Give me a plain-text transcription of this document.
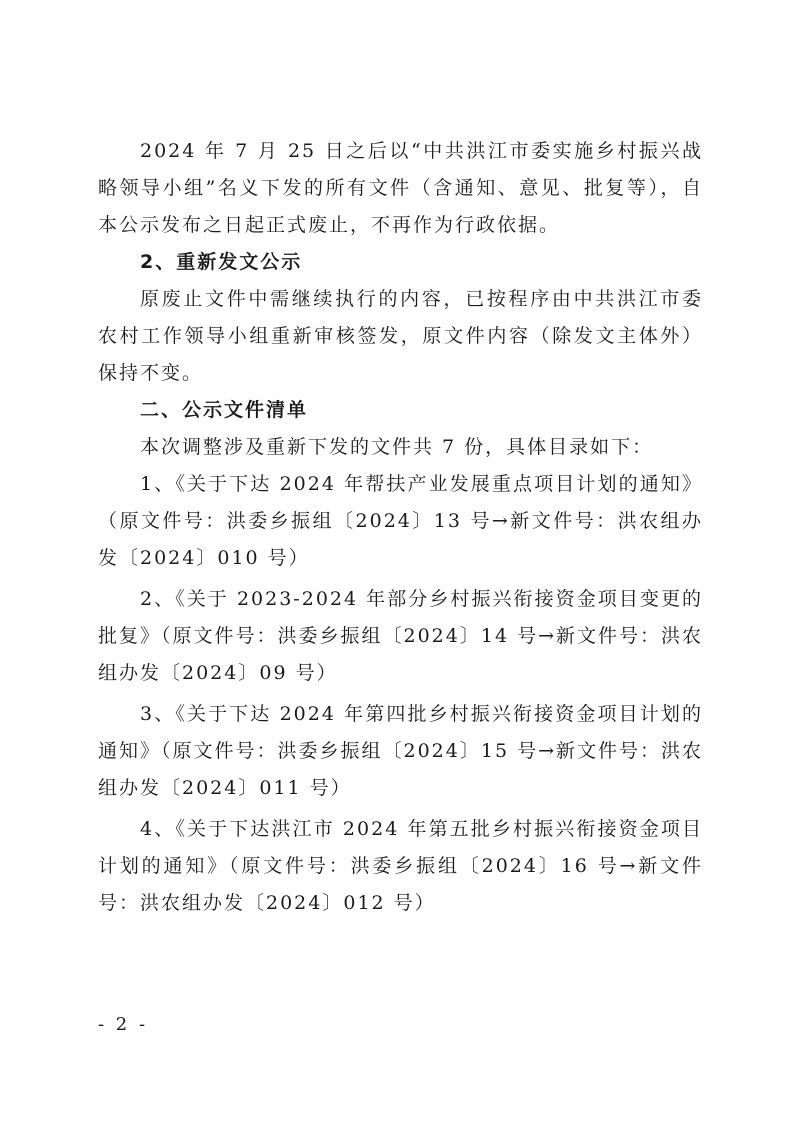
2024 年 7 月 25 日之后以“中共洪江市委实施乡村振兴战略领导小组”名义下发的所有文件（含通知、意见、批复等），自本公示发布之日起正式废止，不再作为行政依据。

2、重新发文公示

原废止文件中需继续执行的内容，已按程序由中共洪江市委农村工作领导小组重新审核签发，原文件内容（除发文主体外）保持不变。

二、公示文件清单

本次调整涉及重新下发的文件共 7 份，具体目录如下：

1、《关于下达 2024 年帮扶产业发展重点项目计划的通知》（原文件号：洪委乡振组〔2024〕13 号→新文件号：洪农组办发〔2024〕010 号）

2、《关于 2023-2024 年部分乡村振兴衔接资金项目变更的批复》（原文件号：洪委乡振组〔2024〕14 号→新文件号：洪农组办发〔2024〕09 号）

3、《关于下达 2024 年第四批乡村振兴衔接资金项目计划的通知》（原文件号：洪委乡振组〔2024〕15 号→新文件号：洪农组办发〔2024〕011 号）

4、《关于下达洪江市 2024 年第五批乡村振兴衔接资金项目计划的通知》（原文件号：洪委乡振组〔2024〕16 号→新文件号：洪农组办发〔2024〕012 号）

- 2 -
